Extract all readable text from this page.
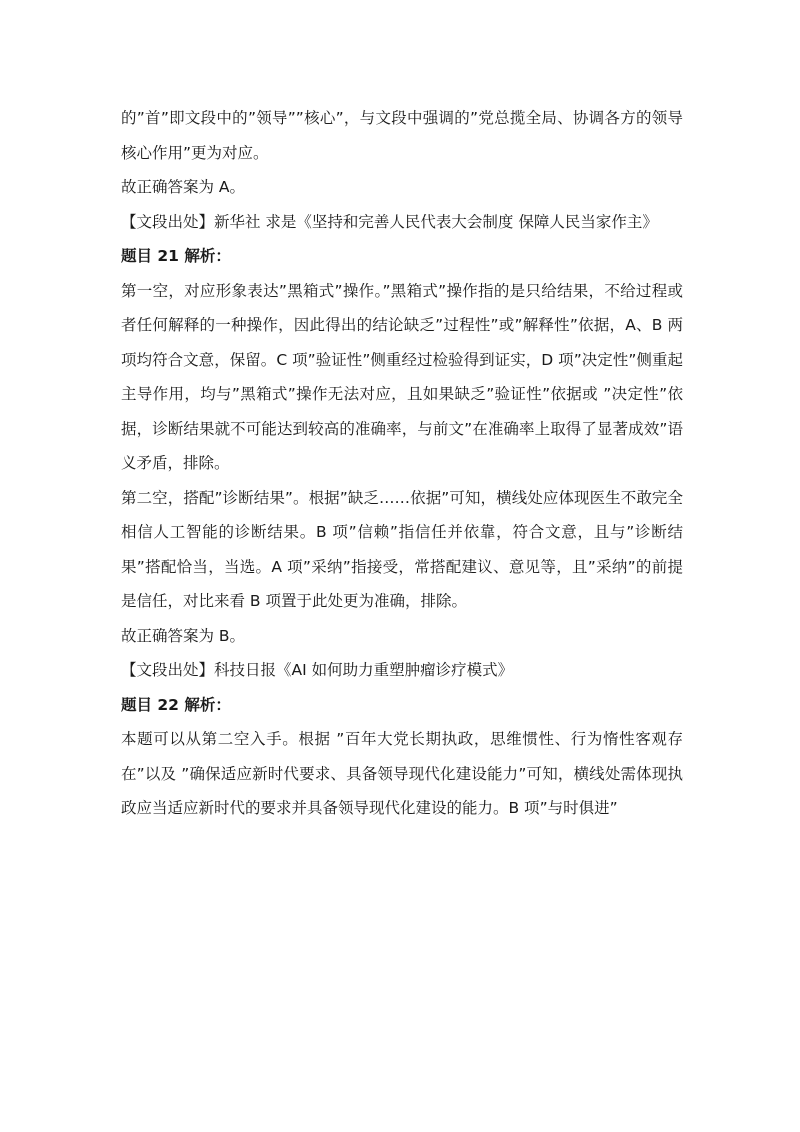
的”首”即文段中的”领导””核心”，与文段中强调的”党总揽全局、协调各方的领导核心作用”更为对应。

故正确答案为 A。

【文段出处】新华社 求是《坚持和完善人民代表大会制度 保障人民当家作主》

题目 21 解析：

第一空，对应形象表达”黑箱式”操作。”黑箱式”操作指的是只给结果，不给过程或者任何解释的一种操作，因此得出的结论缺乏”过程性”或”解释性”依据，A、B 两项均符合文意，保留。C 项”验证性”侧重经过检验得到证实，D 项”决定性”侧重起主导作用，均与”黑箱式”操作无法对应，且如果缺乏”验证性”依据或 ”决定性”依据，诊断结果就不可能达到较高的准确率，与前文”在准确率上取得了显著成效”语义矛盾，排除。

第二空，搭配”诊断结果”。根据”缺乏……依据”可知，横线处应体现医生不敢完全相信人工智能的诊断结果。B 项”信赖”指信任并依靠，符合文意，且与”诊断结果”搭配恰当，当选。A 项”采纳”指接受，常搭配建议、意见等，且”采纳”的前提是信任，对比来看 B 项置于此处更为准确，排除。

故正确答案为 B。

【文段出处】科技日报《AI 如何助力重塑肿瘤诊疗模式》

题目 22 解析：

本题可以从第二空入手。根据 ”百年大党长期执政，思维惯性、行为惰性客观存在”以及 ”确保适应新时代要求、具备领导现代化建设能力”可知，横线处需体现执政应当适应新时代的要求并具备领导现代化建设的能力。B 项”与时俱进”
